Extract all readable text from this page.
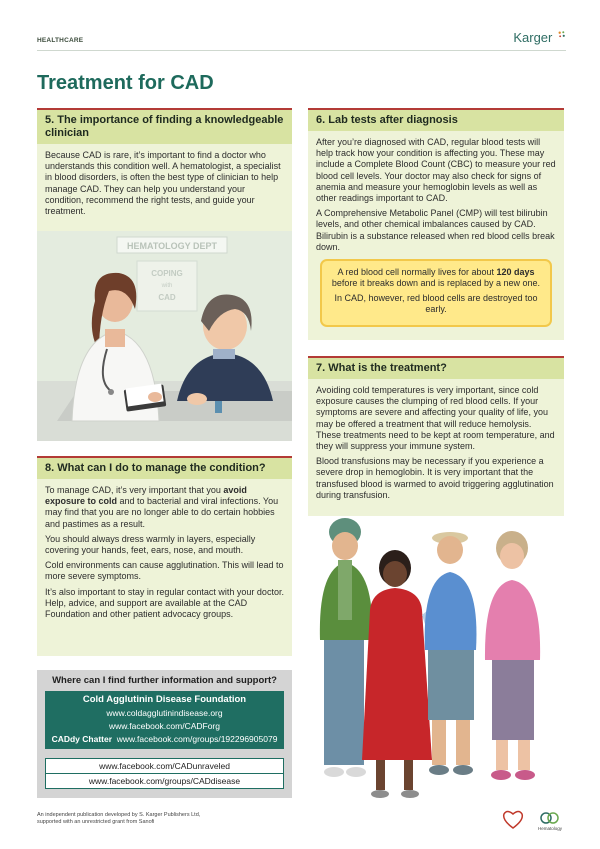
HEALTHCARE	Karger
Treatment for CAD
5. The importance of finding a knowledgeable clinician

Because CAD is rare, it’s important to find a doctor who understands this condition well. A hematologist, a specialist in blood disorders, is often the best type of clinician to help manage CAD. They can help you understand your condition, recommend the right tests, and guide your treatment.

HEMATOLOGY DEPT
COPING
with
CAD
6. Lab tests after diagnosis

After you’re diagnosed with CAD, regular blood tests will help track how your condition is affecting you. These may include a Complete Blood Count (CBC) to measure your red blood cell levels. Your doctor may also check for signs of anemia and measure your hemoglobin levels as well as other readings important to CAD.

A Comprehensive Metabolic Panel (CMP) will test bilirubin levels, and other chemical imbalances caused by CAD. Bilirubin is a substance released when red blood cells break down.

A red blood cell normally lives for about 120 days before it breaks down and is replaced by a new one.

In CAD, however, red blood cells are destroyed too early.

7. What is the treatment?

Avoiding cold temperatures is very important, since cold exposure causes the clumping of red blood cells. If your symptoms are severe and affecting your quality of life, you may be offered a treatment that will reduce hemolysis. These treatments need to be kept at room temperature, and they will suppress your immune system.

Blood transfusions may be necessary if you experience a severe drop in hemoglobin. It is very important that the transfused blood is warmed to avoid triggering agglutination during transfusion.

8. What can I do to manage the condition?

To manage CAD, it’s very important that you avoid exposure to cold and to bacterial and viral infections. You may find that you are no longer able to do certain hobbies and pastimes as a result.

You should always dress warmly in layers, especially covering your hands, feet, ears, nose, and mouth.

Cold environments can cause agglutination. This will lead to more severe symptoms.

It’s also important to stay in regular contact with your doctor. Help, advice, and support are available at the CAD Foundation and other patient advocacy groups.

Where can I find further information and support?
Cold Agglutinin Disease Foundation
www.coldagglutinindisease.org
www.facebook.com/CADForg
CADdy Chatter www.facebook.com/groups/192296905079
www.facebook.com/CADunraveled
www.facebook.com/groups/CADdisease
An independent publication developed by S. Karger Publishers Ltd,
supported with an unrestricted grant from Sanofi
Hematology
